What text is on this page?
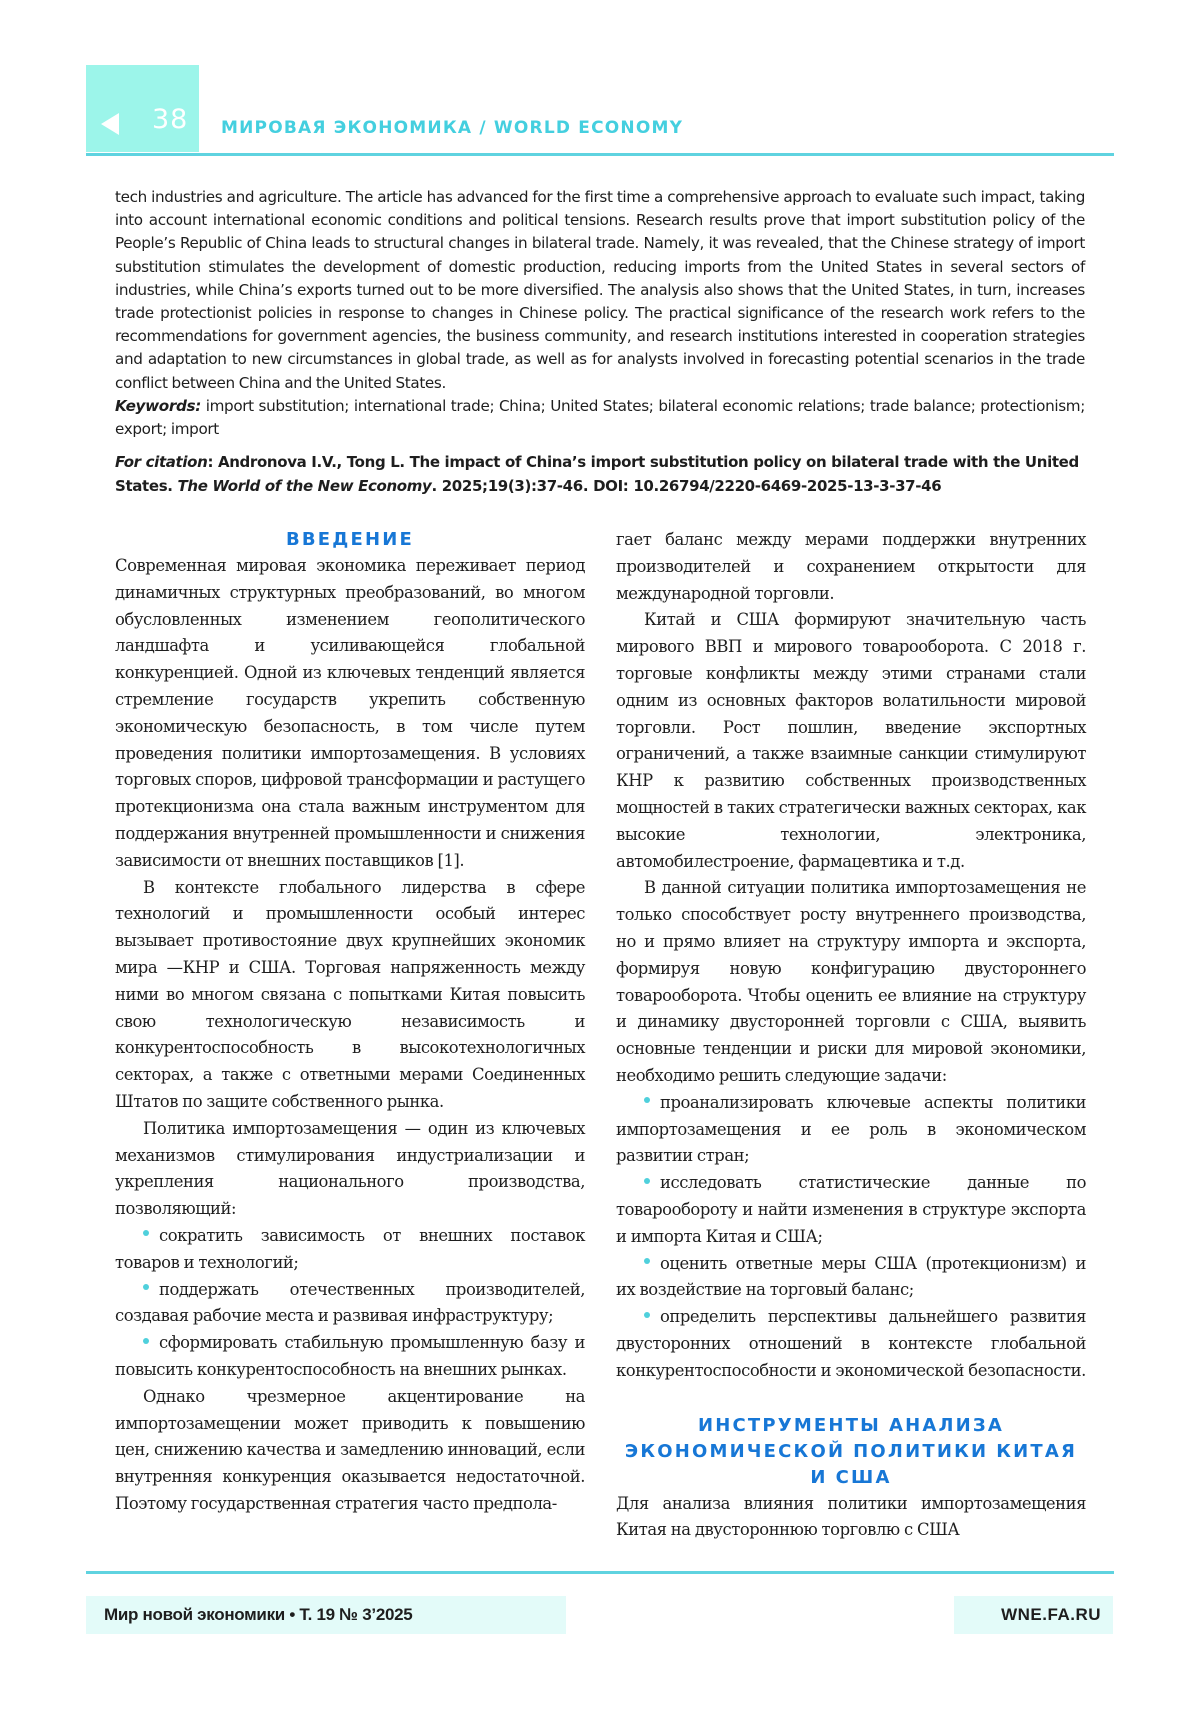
38 МИРОВАЯ ЭКОНОМИКА / WORLD ECONOMY

tech industries and agriculture. The article has advanced for the first time a comprehensive approach to evaluate such impact, taking into account international economic conditions and political tensions. Research results prove that import substitution policy of the People’s Republic of China leads to structural changes in bilateral trade. Namely, it was revealed, that the Chinese strategy of import substitution stimulates the development of domestic production, reducing imports from the United States in several sectors of industries, while China’s exports turned out to be more diversified. The analysis also shows that the United States, in turn, increases trade protectionist policies in response to changes in Chinese policy. The practical significance of the research work refers to the recommendations for government agencies, the business community, and research institutions interested in cooperation strategies and adaptation to new circumstances in global trade, as well as for analysts involved in forecasting potential scenarios in the trade conflict between China and the United States.

Keywords: import substitution; international trade; China; United States; bilateral economic relations; trade balance; protectionism; export; import

For citation: Andronova I.V., Tong L. The impact of China’s import substitution policy on bilateral trade with the United States. The World of the New Economy. 2025;19(3):37-46. DOI: 10.26794/2220-6469-2025-13-3-37-46
ВВЕДЕНИЕ

Современная мировая экономика переживает период динамичных структурных преобразований, во многом обусловленных изменением геополитического ландшафта и усиливающейся глобальной конкуренцией. Одной из ключевых тенденций является стремление государств укрепить собственную экономическую безопасность, в том числе путем проведения политики импортозамещения. В условиях торговых споров, цифровой трансформации и растущего протекционизма она стала важным инструментом для поддержания внутренней промышленности и снижения зависимости от внешних поставщиков [1].

В контексте глобального лидерства в сфере технологий и промышленности особый интерес вызывает противостояние двух крупнейших экономик мира —КНР и США. Торговая напряженность между ними во многом связана с попытками Китая повысить свою технологическую независимость и конкурентоспособность в высокотехнологичных секторах, а также с ответными мерами Соединенных Штатов по защите собственного рынка.

Политика импортозамещения — один из ключевых механизмов стимулирования индустриализации и укрепления национального производства, позволяющий:

сократить зависимость от внешних поставок товаров и технологий;

поддержать отечественных производителей, создавая рабочие места и развивая инфраструктуру;

сформировать стабильную промышленную базу и повысить конкурентоспособность на внешних рынках.

Однако чрезмерное акцентирование на импортозамещении может приводить к повышению цен, снижению качества и замедлению инноваций, если внутренняя конкуренция оказывается недостаточной. Поэтому государственная стратегия часто предпола-

гает баланс между мерами поддержки внутренних производителей и сохранением открытости для международной торговли.

Китай и США формируют значительную часть мирового ВВП и мирового товарооборота. С 2018 г. торговые конфликты между этими странами стали одним из основных факторов волатильности мировой торговли. Рост пошлин, введение экспортных ограничений, а также взаимные санкции стимулируют КНР к развитию собственных производственных мощностей в таких стратегически важных секторах, как высокие технологии, электроника, автомобилестроение, фармацевтика и т.д.

В данной ситуации политика импортозамещения не только способствует росту внутреннего производства, но и прямо влияет на структуру импорта и экспорта, формируя новую конфигурацию двустороннего товарооборота. Чтобы оценить ее влияние на структуру и динамику двусторонней торговли с США, выявить основные тенденции и риски для мировой экономики, необходимо решить следующие задачи:

проанализировать ключевые аспекты политики импортозамещения и ее роль в экономическом развитии стран;

исследовать статистические данные по товарообороту и найти изменения в структуре экспорта и импорта Китая и США;

оценить ответные меры США (протекционизм) и их воздействие на торговый баланс;

определить перспективы дальнейшего развития двусторонних отношений в контексте глобальной конкурентоспособности и экономической безопасности.

ИНСТРУМЕНТЫ АНАЛИЗА ЭКОНОМИЧЕСКОЙ ПОЛИТИКИ КИТАЯ И США

Для анализа влияния политики импортозамещения Китая на двустороннюю торговлю с США

Мир новой экономики • Т. 19 № 3’2025	WNE.FA.RU
